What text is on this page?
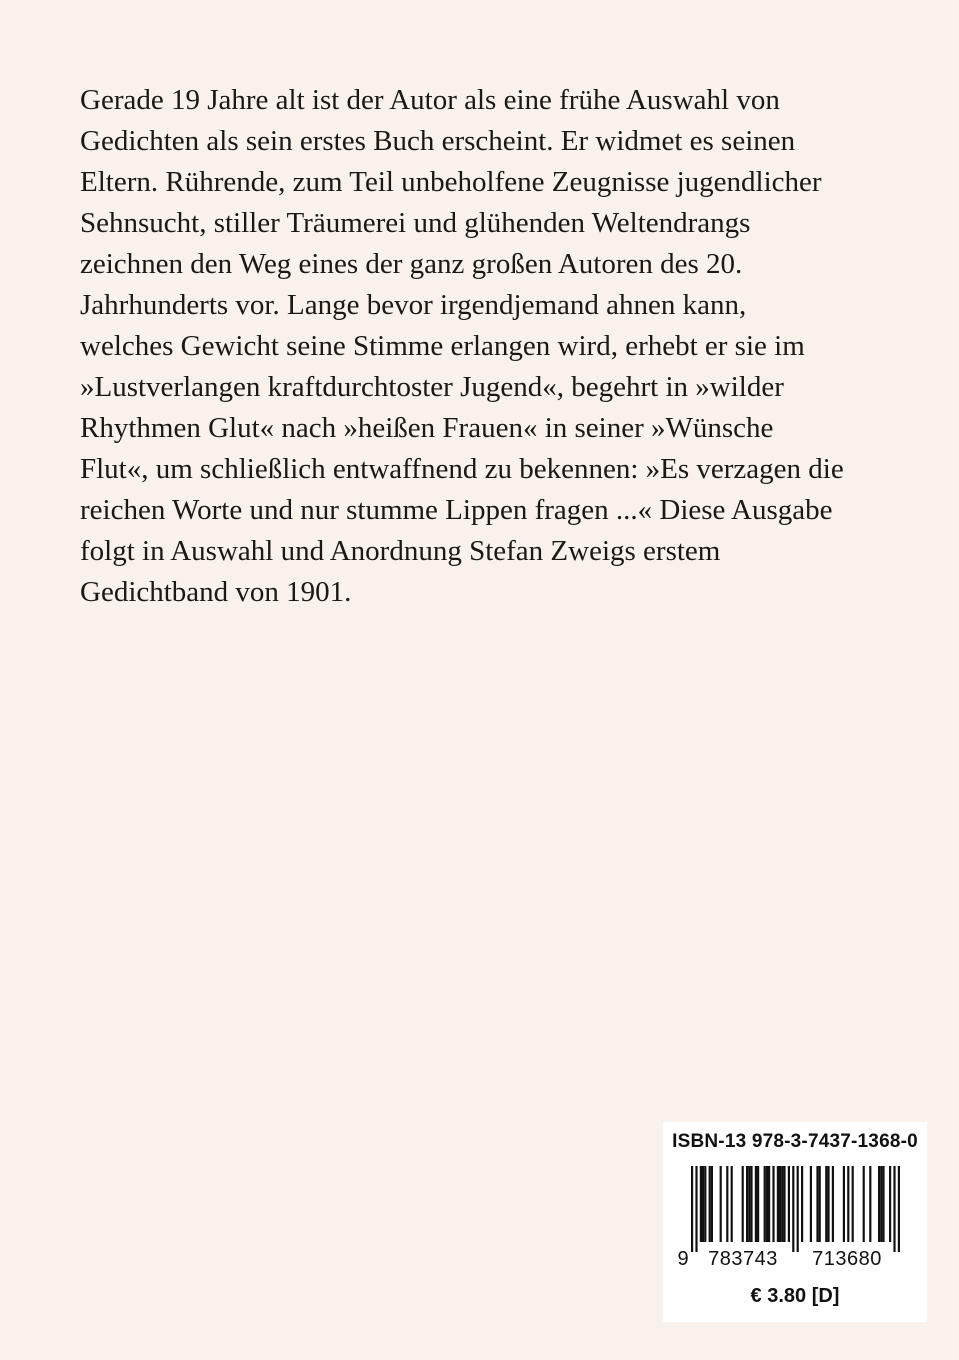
Gerade 19 Jahre alt ist der Autor als eine frühe Auswahl von
Gedichten als sein erstes Buch erscheint. Er widmet es seinen
Eltern. Rührende, zum Teil unbeholfene Zeugnisse jugendlicher
Sehnsucht, stiller Träumerei und glühenden Weltendrangs
zeichnen den Weg eines der ganz großen Autoren des 20.
Jahrhunderts vor. Lange bevor irgendjemand ahnen kann,
welches Gewicht seine Stimme erlangen wird, erhebt er sie im
»Lustverlangen kraftdurchtoster Jugend«, begehrt in »wilder
Rhythmen Glut« nach »heißen Frauen« in seiner »Wünsche
Flut«, um schließlich entwaffnend zu bekennen: »Es verzagen die
reichen Worte und nur stumme Lippen fragen ...« Diese Ausgabe
folgt in Auswahl und Anordnung Stefan Zweigs erstem
Gedichtband von 1901.
ISBN-13 978-3-7437-1368-0
9 783743 713680
€ 3.80 [D]
